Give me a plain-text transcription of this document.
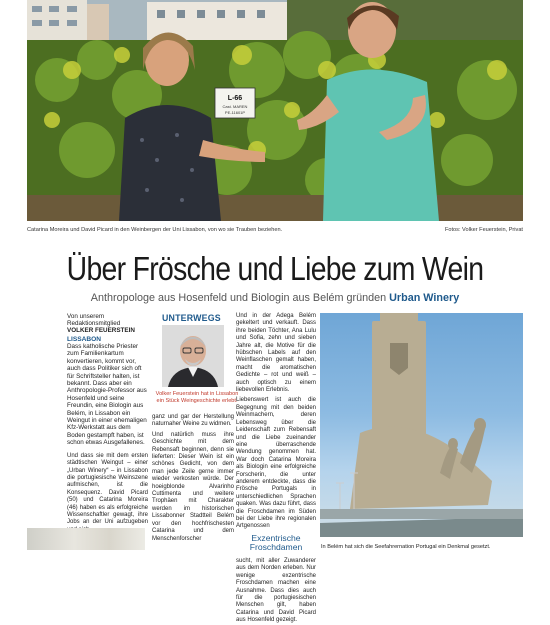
L-66
Cast. MAREN
PE-11601P
Catarina Moreira und David Picard in den Weinbergen der Uni Lissabon, von wo sie Trauben beziehen.	Fotos: Volker Feuerstein, Privat
Über Frösche und Liebe zum Wein
Anthropologe aus Hosenfeld und Biologin aus Belém gründen Urban Winery
Von unserem
Redaktionsmitglied
VOLKER FEUERSTEIN
LISSABON

Dass katholische Priester zum Familienkartum konvertieren, kommt vor, auch dass Politiker sich oft für Schriftsteller halten, ist bekannt. Dass aber ein Anthropologie-Professor aus Hosenfeld und seine Freundin, eine Biologin aus Belém, in Lissabon ein Weingut in einer ehemaligen Kfz-Werkstatt aus dem Boden gestampft haben, ist schon etwas Ausgefallenes.

Und dass sie mit dem ersten städtischen Weingut – einer „Urban Winery“ – in Lissabon die portugiesische Weinszene aufmischen, ist die Konsequenz. David Picard (50) und Catarina Moreira (46) haben es als erfolgreiche Wissenschaftler gewagt, ihre Jobs an der Uni aufzugeben

UNTERWEGS
Volker Feuerstein hat in Lissabon ein Stück Weingeschichte erlebt.

ganz und gar der Herstellung naturnaher Weine zu widmen.

Und natürlich muss ihre Geschichte mit dem Rebensaft beginnen, denn sie lieferten: Dieser Wein ist ein schönes Gedicht, von dem man jede Zeile gerne immer wieder verkosten würde. Der hoeigblonde Alvarinho Cuttimenta und weitere Trophäen mit Charakter werden im historischen Lissabonner Stadtteil Belém vor den hochfrischesten Catarina und dem Menschenforscher

Und in der Adega Belém gekeltert und verkauft. Dass ihre beiden Töchter, Ana Lulu und Sofia, zehn und sieben Jahre alt, die Motive für die hübschen Labels auf den Weinflaschen gemalt haben, macht die aromatischen Gedichte – rot und weiß – auch optisch zu einem liebevollen Erlebnis.

Liebenswert ist auch die Begegnung mit den beiden Weinmachern, deren Lebensweg über die Leidenschaft zum Rebensaft und die Liebe zueinander eine überraschende Wendung genommen hat. War doch Catarina Moreira als Biologin eine erfolgreiche Forscherin, die unter anderem entdeckte, dass die Frösche Portugals in unterschiedlichen Sprachen quaken. Was dazu führt, dass die Froschdamen im Süden bei der Liebe ihre regionalen Artgenossen

Exzentrische Froschdamen

sucht, mit aller Zuwanderer aus dem Norden erleben. Nur wenige exzentrische Froschdamen machen eine Ausnahme. Dass dies auch für die portugiesischen Menschen gilt, haben Catarina und David Picard aus Hosenfeld gezeigt.

In Belém hat sich die Seefahrernation Portugal ein Denkmal gesetzt.
